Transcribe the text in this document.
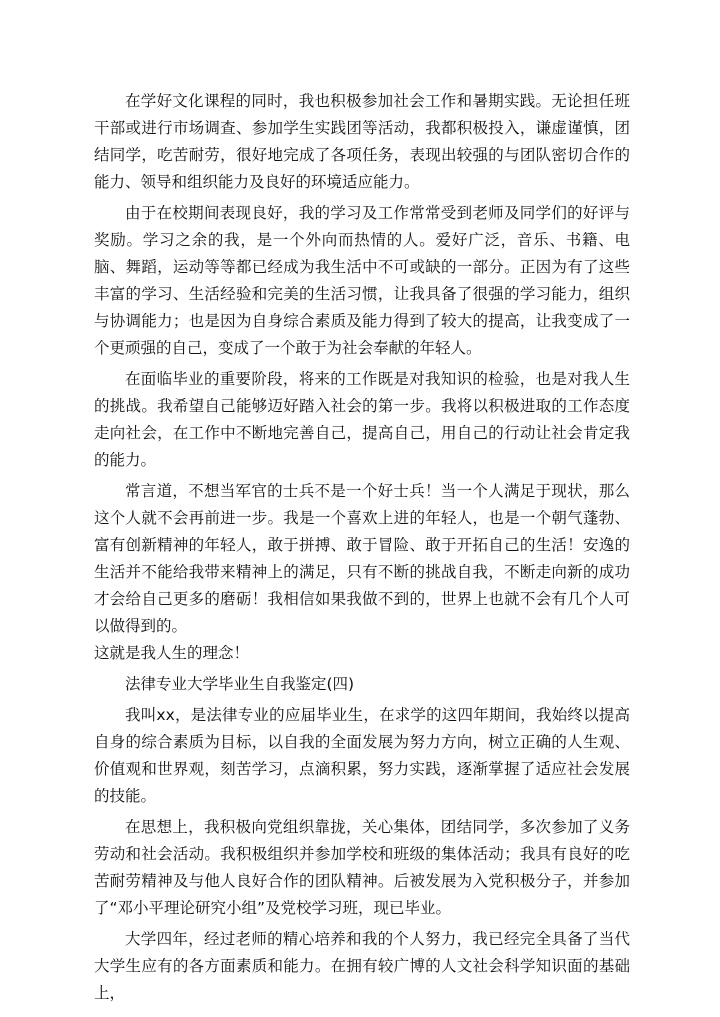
在学好文化课程的同时，我也积极参加社会工作和暑期实践。无论担任班干部或进行市场调查、参加学生实践团等活动，我都积极投入，谦虚谨慎，团结同学，吃苦耐劳，很好地完成了各项任务，表现出较强的与团队密切合作的能力、领导和组织能力及良好的环境适应能力。

由于在校期间表现良好，我的学习及工作常常受到老师及同学们的好评与奖励。学习之余的我，是一个外向而热情的人。爱好广泛，音乐、书籍、电脑、舞蹈，运动等等都已经成为我生活中不可或缺的一部分。正因为有了这些丰富的学习、生活经验和完美的生活习惯，让我具备了很强的学习能力，组织与协调能力；也是因为自身综合素质及能力得到了较大的提高，让我变成了一个更顽强的自己，变成了一个敢于为社会奉献的年轻人。

在面临毕业的重要阶段，将来的工作既是对我知识的检验，也是对我人生的挑战。我希望自己能够迈好踏入社会的第一步。我将以积极进取的工作态度走向社会，在工作中不断地完善自己，提高自己，用自己的行动让社会肯定我的能力。

常言道，不想当军官的士兵不是一个好士兵！当一个人满足于现状，那么这个人就不会再前进一步。我是一个喜欢上进的年轻人，也是一个朝气蓬勃、富有创新精神的年轻人，敢于拼搏、敢于冒险、敢于开拓自己的生活！安逸的生活并不能给我带来精神上的满足，只有不断的挑战自我，不断走向新的成功才会给自己更多的磨砺！我相信如果我做不到的，世界上也就不会有几个人可以做得到的。

这就是我人生的理念！

法律专业大学毕业生自我鉴定(四)

我叫xx，是法律专业的应届毕业生，在求学的这四年期间，我始终以提高自身的综合素质为目标，以自我的全面发展为努力方向，树立正确的人生观、价值观和世界观，刻苦学习，点滴积累，努力实践，逐渐掌握了适应社会发展的技能。

在思想上，我积极向党组织靠拢，关心集体，团结同学，多次参加了义务劳动和社会活动。我积极组织并参加学校和班级的集体活动；我具有良好的吃苦耐劳精神及与他人良好合作的团队精神。后被发展为入党积极分子，并参加了“邓小平理论研究小组”及党校学习班，现已毕业。

大学四年，经过老师的精心培养和我的个人努力，我已经完全具备了当代大学生应有的各方面素质和能力。在拥有较广博的人文社会科学知识面的基础上，
